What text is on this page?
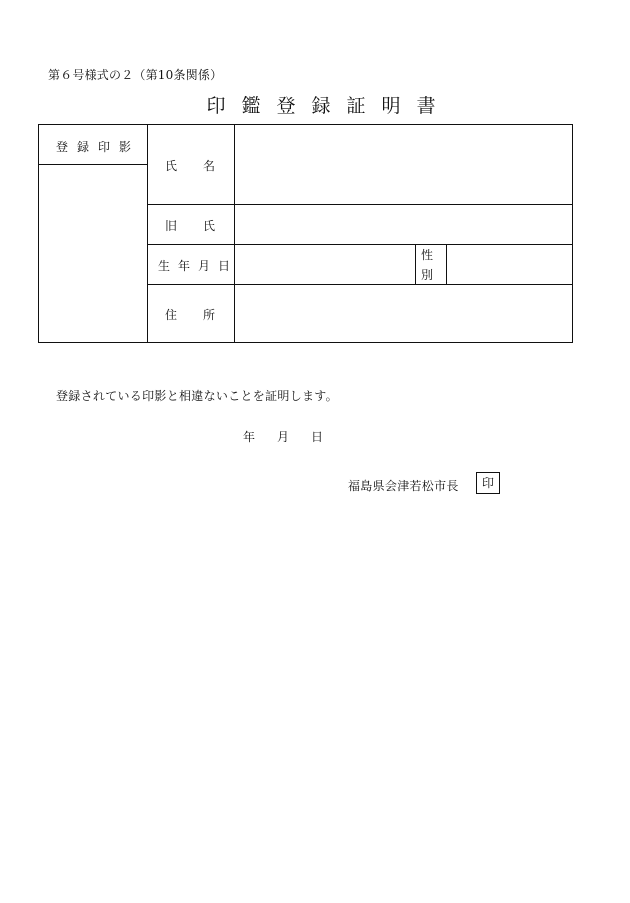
第６号様式の２（第10条関係）
印鑑登録証明書
登録印影
氏名
旧氏
生年月日
性別
住所
登録されている印影と相違ないことを証明します。
年 月 日
福島県会津若松市長	印
